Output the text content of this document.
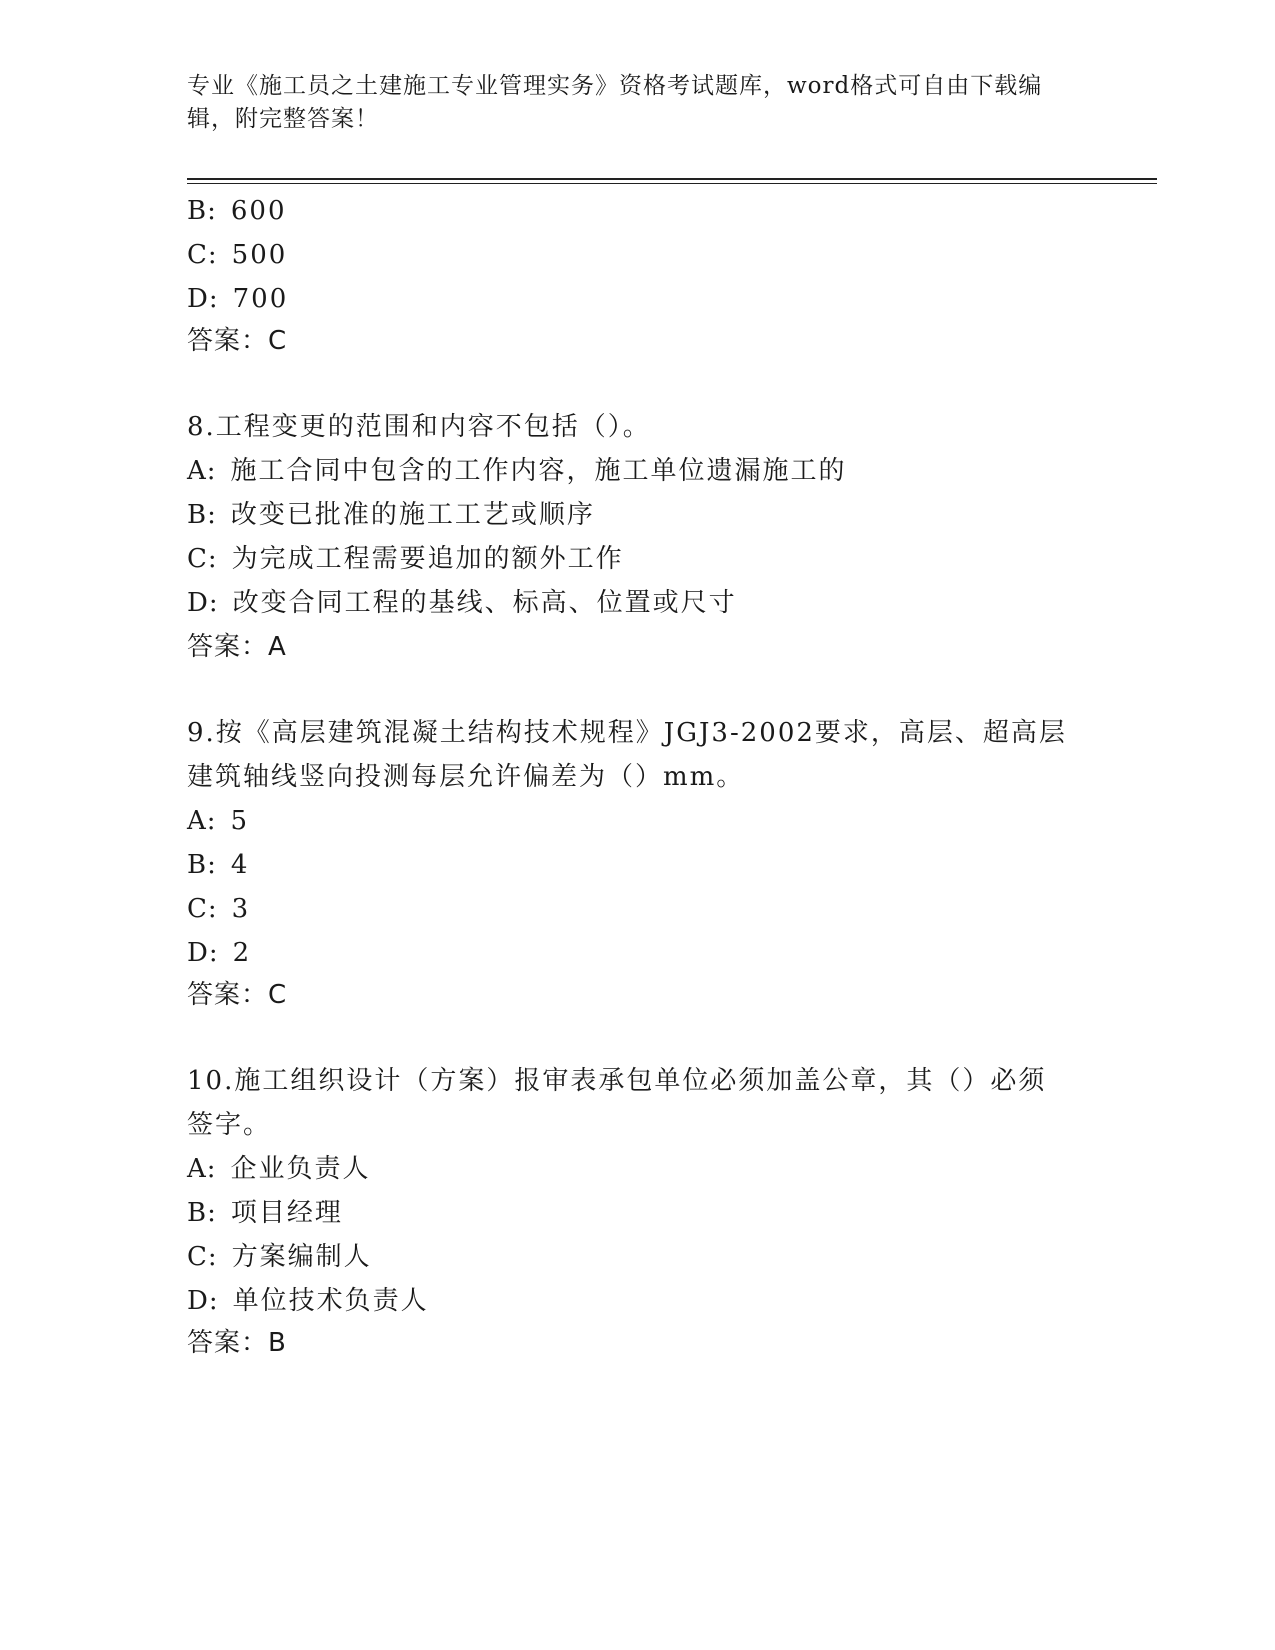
专业《施工员之土建施工专业管理实务》资格考试题库，word格式可自由下载编辑，附完整答案！
B: 600
C: 500
D: 700
答案：C
8.工程变更的范围和内容不包括（）。
A: 施工合同中包含的工作内容，施工单位遗漏施工的
B: 改变已批准的施工工艺或顺序
C: 为完成工程需要追加的额外工作
D: 改变合同工程的基线、标高、位置或尺寸
答案：A
9.按《高层建筑混凝土结构技术规程》JGJ3-2002要求，高层、超高层
建筑轴线竖向投测每层允许偏差为（）mm。
A: 5
B: 4
C: 3
D: 2
答案：C
10.施工组织设计（方案）报审表承包单位必须加盖公章，其（）必须
签字。
A: 企业负责人
B: 项目经理
C: 方案编制人
D: 单位技术负责人
答案：B
